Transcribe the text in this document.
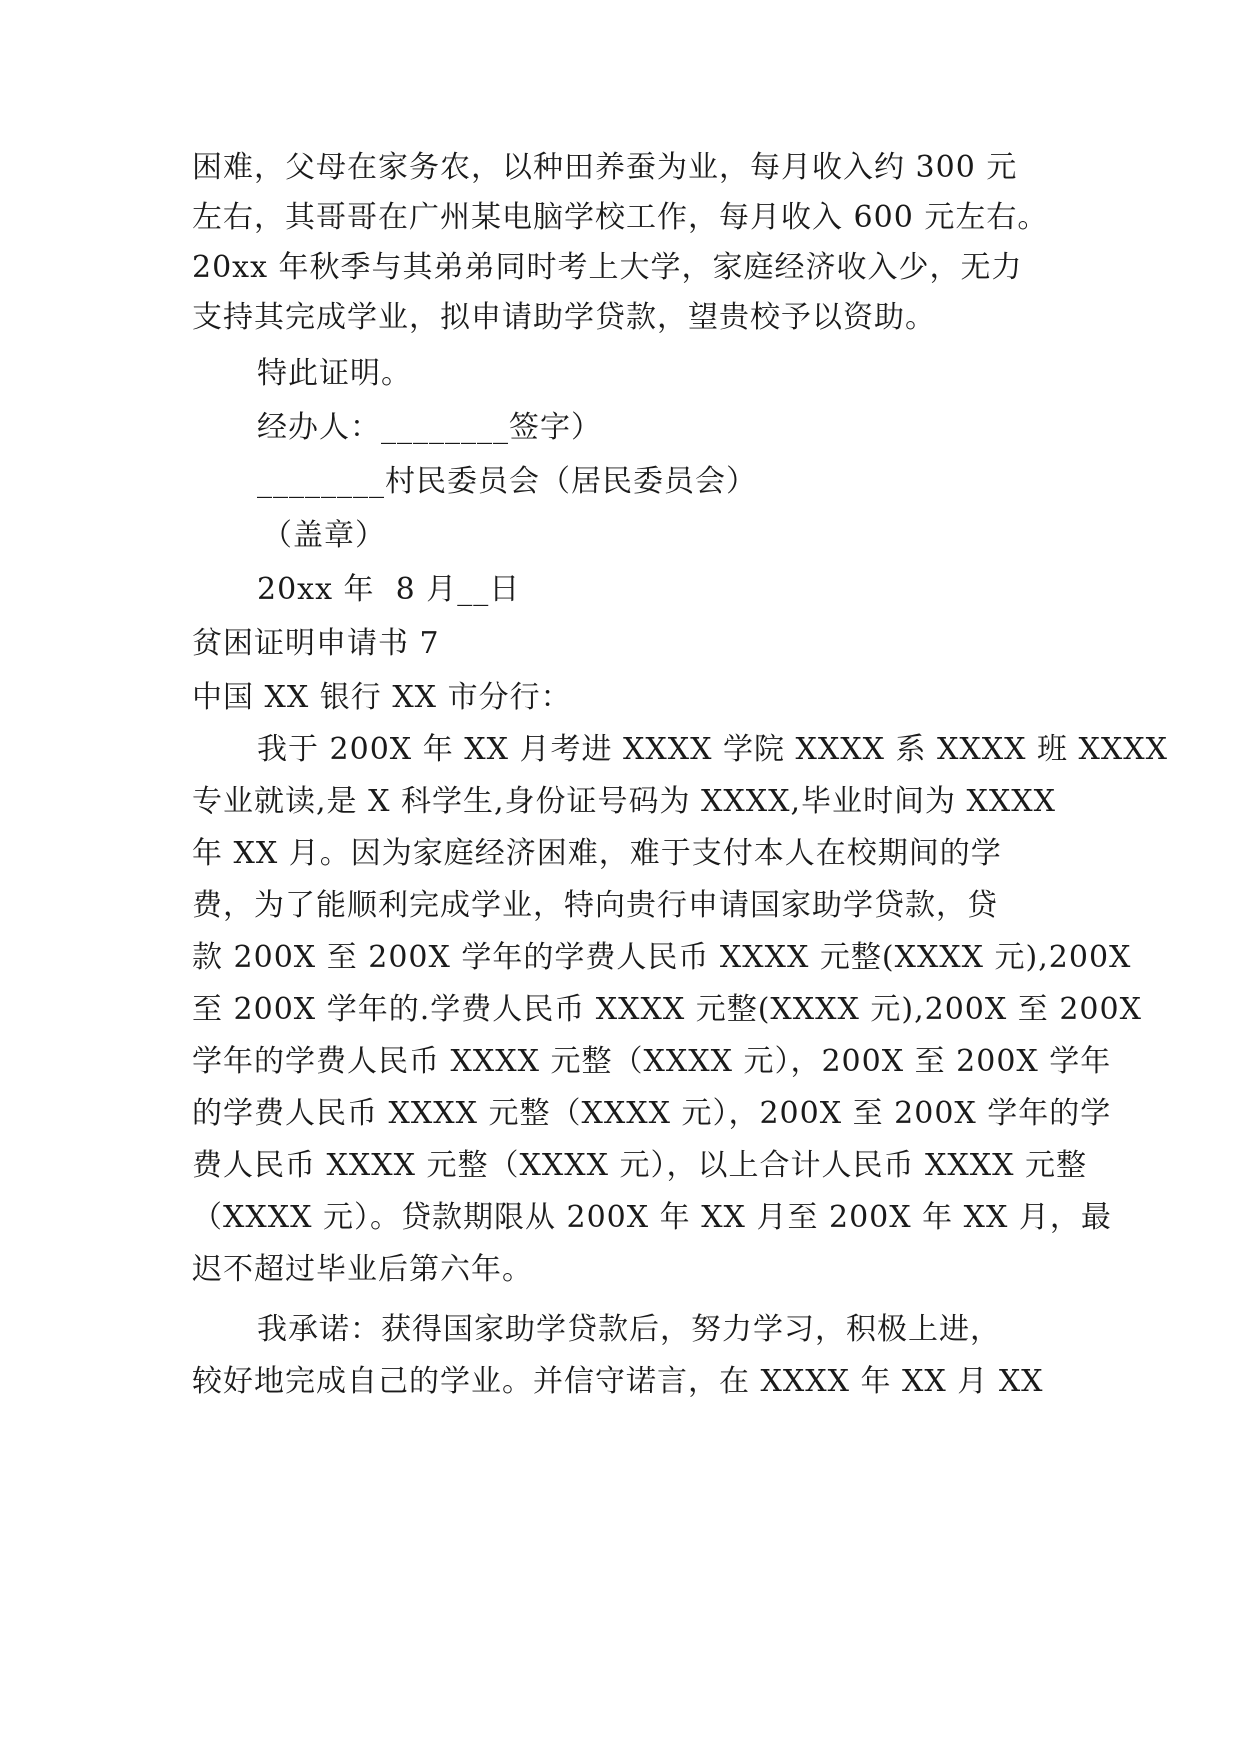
困难，父母在家务农，以种田养蚕为业，每月收入约 300 元
左右，其哥哥在广州某电脑学校工作，每月收入 600 元左右。
20xx 年秋季与其弟弟同时考上大学，家庭经济收入少，无力
支持其完成学业，拟申请助学贷款，望贵校予以资助。
特此证明。
经办人：________签字）
________村民委员会（居民委员会）
（盖章）
20xx 年  8 月__日
贫困证明申请书 7
中国 XX 银行 XX 市分行：
我于 200X 年 XX 月考进 XXXX 学院 XXXX 系 XXXX 班 XXXX
专业就读,是 X 科学生,身份证号码为 XXXX,毕业时间为 XXXX
年 XX 月。因为家庭经济困难，难于支付本人在校期间的学
费，为了能顺利完成学业，特向贵行申请国家助学贷款，贷
款 200X 至 200X 学年的学费人民币 XXXX 元整(XXXX 元),200X
至 200X 学年的.学费人民币 XXXX 元整(XXXX 元),200X 至 200X
学年的学费人民币 XXXX 元整（XXXX 元），200X 至 200X 学年
的学费人民币 XXXX 元整（XXXX 元），200X 至 200X 学年的学
费人民币 XXXX 元整（XXXX 元），以上合计人民币 XXXX 元整
（XXXX 元）。贷款期限从 200X 年 XX 月至 200X 年 XX 月，最
迟不超过毕业后第六年。
我承诺：获得国家助学贷款后，努力学习，积极上进，
较好地完成自己的学业。并信守诺言，在 XXXX 年 XX 月 XX
